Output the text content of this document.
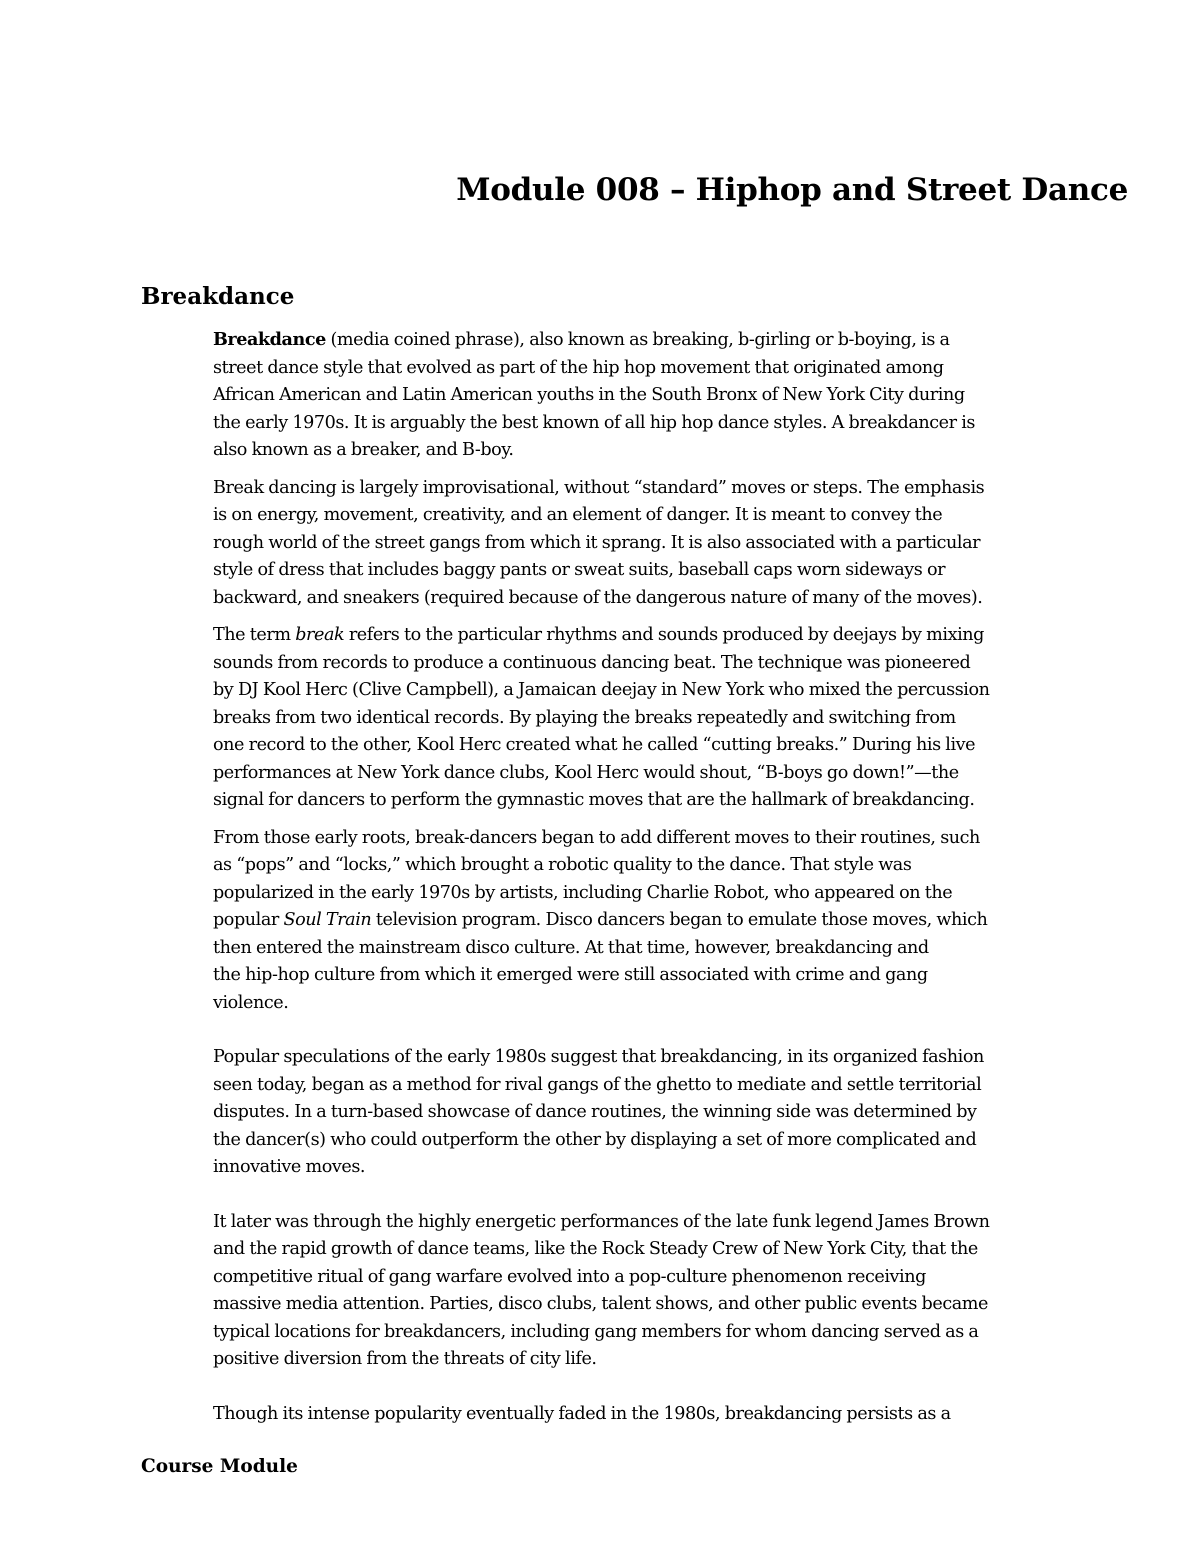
Module 008 – Hiphop and Street Dance
Breakdance

Breakdance (media coined phrase), also known as breaking, b-girling or b-boying, is a
street dance style that evolved as part of the hip hop movement that originated among
African American and Latin American youths in the South Bronx of New York City during
the early 1970s. It is arguably the best known of all hip hop dance styles. A breakdancer is
also known as a breaker, and B-boy.

Break dancing is largely improvisational, without “standard” moves or steps. The emphasis
is on energy, movement, creativity, and an element of danger. It is meant to convey the
rough world of the street gangs from which it sprang. It is also associated with a particular
style of dress that includes baggy pants or sweat suits, baseball caps worn sideways or
backward, and sneakers (required because of the dangerous nature of many of the moves).

The term break refers to the particular rhythms and sounds produced by deejays by mixing
sounds from records to produce a continuous dancing beat. The technique was pioneered
by DJ Kool Herc (Clive Campbell), a Jamaican deejay in New York who mixed the percussion
breaks from two identical records. By playing the breaks repeatedly and switching from
one record to the other, Kool Herc created what he called “cutting breaks.” During his live
performances at New York dance clubs, Kool Herc would shout, “B-boys go down!”—the
signal for dancers to perform the gymnastic moves that are the hallmark of breakdancing.

From those early roots, break-dancers began to add different moves to their routines, such
as “pops” and “locks,” which brought a robotic quality to the dance. That style was
popularized in the early 1970s by artists, including Charlie Robot, who appeared on the
popular Soul Train television program. Disco dancers began to emulate those moves, which
then entered the mainstream disco culture. At that time, however, breakdancing and
the hip-hop culture from which it emerged were still associated with crime and gang
violence.

Popular speculations of the early 1980s suggest that breakdancing, in its organized fashion
seen today, began as a method for rival gangs of the ghetto to mediate and settle territorial
disputes. In a turn-based showcase of dance routines, the winning side was determined by
the dancer(s) who could outperform the other by displaying a set of more complicated and
innovative moves.

It later was through the highly energetic performances of the late funk legend James Brown
and the rapid growth of dance teams, like the Rock Steady Crew of New York City, that the
competitive ritual of gang warfare evolved into a pop-culture phenomenon receiving
massive media attention. Parties, disco clubs, talent shows, and other public events became
typical locations for breakdancers, including gang members for whom dancing served as a
positive diversion from the threats of city life.

Though its intense popularity eventually faded in the 1980s, breakdancing persists as a

Course Module
